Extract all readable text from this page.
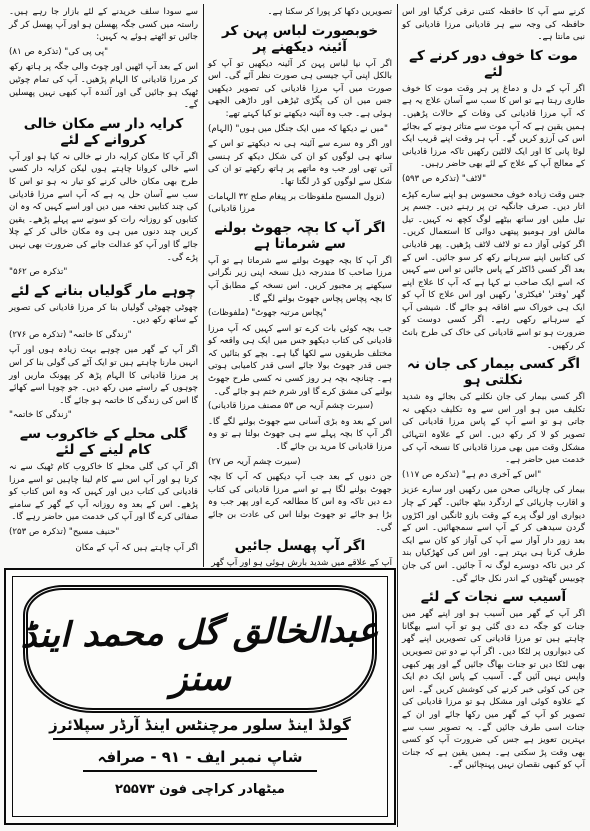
کرنے سے آپ کا حافظہ کتنی ترقی کرگیا اور اس حافظہ کی وجہ سے ہر قادیانی مرزا قادیانی کو نبی مانتا ہے۔

موت کا خوف دور کرنے کے لئے

اگر آپ کے دل و دماغ پر ہر وقت موت کا خوف طاری رہتا ہے تو اس کا سب سے آسان علاج یہ ہے کہ آپ مرزا قادیانی کی وفات کے حالات پڑھیں۔ ہمیں یقین ہے کہ آپ موت سے متاثر ہونے کے بجائے اس کی آرزو کریں گے۔ آپ ہر وقت اپنے قریب ایک لوٹا پانی کا اور ایک لالٹین رکھیں تاکہ مرزا قادیانی کے معالج آپ کے علاج کے لئے بھی حاضر رہیں۔

"لاٹف" (تذکرہ ص ۵۹۳)

جس وقت زیادہ خوف محسوس ہو اپنے سارے کپڑے اتار دیں۔ صرف جانگیہ تن پر رہنے دیں۔ جسم پر تیل ملیں اور ساتھ بیٹھے لوگ کچھ نہ کہیں۔ تیل مالش اور ہومیو پیتھی دوائی کا استعمال کریں۔ اگر کوئی آواز دے تو لاٹف لاٹف پڑھیں۔ پھر قادیانی کی کتابیں اپنے سرہانے رکھ کر سو جائیں۔ اس کے بعد اگر کسی ڈاکٹر کے پاس جائیں تو اس سے کہیں کہ اسے ایک صاحب نے کہا ہے کہ آپ کا علاج اپنے گھر 'وفتر' 'فیکٹری' رکھیں اور اس علاج کا آپ کو ایک ہی خوراک سے افاقہ ہو جائے گا۔ شیشی آپ کے سرہانے رکھی رہے۔ اگر کسی دوست کو ضرورت ہو تو اسے قادیانی کی خاک کی طرح بانٹ کر رکھیں۔

اگر کسی بیمار کی جان نہ نکلتی ہو

اگر کسی بیمار کی جان نکلنے کی بجائے وہ شدید تکلیف میں ہو اور اس سے وہ تکلیف دیکھی نہ جاتی ہو تو اسے آپ کے پاس مرزا قادیانی کی تصویر کو لا کر رکھ دیں۔ اس کے علاوہ انتہائی مشکل وقت میں بھی مرزا قادیانی کا نسخہ آپ کی خدمت میں حاضر ہے۔

"اس کے آخری دم ہے" (تذکرہ ص ۱۱۷)

بیمار کی چارپائی صحن میں رکھیں اور سارے عزیز و اقارب چارپائی کے اردگرد بیٹھ جائیں۔ گھر کے چار دیواری اور لوگ پرے کے وقت بازو ٹانگیں اور اکڑوں گردن سیدھی کر کے آپ اسے سمجھائیں۔ اس کے بعد زور دار آواز سے آپ کی آواز کو کان سے ایک طرف کرنا ہی بہتر ہے۔ اور اس کی کھڑکیاں بند کر دیں تاکہ دوسرے لوگ نہ آ جائیں۔ اس کی جان چوبیس گھنٹوں کے اندر نکل جائے گی۔

آسیب سے نجات کے لئے

اگر آپ کے گھر میں آسیب ہو اور اپنے گھر میں جنات کو جگہ دے دی گئی ہو تو آپ اسے بھگانا چاہتے ہیں تو مرزا قادیانی کی تصویریں اپنے گھر کی دیواروں پر لٹکا دیں۔ اگر آپ نے دو تین تصویریں بھی لٹکا دیں تو جنات بھاگ جائیں گے اور پھر کبھی واپس نہیں آئیں گے۔ آسیب کے پاس ایک دم ایک جن کی کوئی خبر کرنے کی کوشش کریں گے۔ اس کے علاوہ کوئی اور مشکل ہو تو مرزا قادیانی کی تصویر کو آپ کے گھر میں رکھا جائے اور ان کے جنات اسی طرف جائیں گے۔ یہ تصویر سب سے بہترین تعویز ہے جس کی ضرورت آپ کو کسی بھی وقت پڑ سکتی ہے۔ ہمیں یقین ہے کہ جنات آپ کو کبھی نقصان نہیں پہنچائیں گے۔

تصویریں دکھا کر پورا کر سکتا ہے۔

خوبصورت لباس پہن کر آئینہ دیکھنے پر

اگر آپ نیا لباس پہن کر آئینہ دیکھیں تو آپ کو بالکل اپنی آپ جیسی ہی صورت نظر آئے گی۔ اس صورت میں آپ مرزا قادیانی کی تصویر دیکھیں جس میں ان کی پگڑی ٹیڑھی اور داڑھی الجھی ہوئی ہے۔ جب وہ آئینہ دیکھتے تو کیا کہتے تھے:

"میں نے دیکھا کہ میں ایک جنگل میں ہوں" (الہام)

اور اگر وہ سرے سے آئینہ ہی نہ دیکھتے تو اس کے ساتھ ہی لوگوں کو ان کی شکل دیکھ کر ہنسی آتی تھی اور جب وہ ماتھے پر ہاتھ رکھتے تو ان کی شکل سے لوگوں کو ڈر لگتا تھا۔

(نزول المسیح ملفوظات بر پیغام صلح ۳۲ الہامات مرزا قادیانی)

اگر آپ کا بچہ جھوٹ بولنے سے شرماتا ہے

اگر آپ کا بچہ جھوٹ بولنے سے شرماتا ہے تو آپ مرزا صاحب کا مندرجہ ذیل نسخہ اپنی زیر نگرانی سیکھنے پر مجبور کریں۔ اس نسخہ کے مطابق آپ کا بچہ پچاس پچاس جھوٹ بولنے لگے گا۔

"پچاس مرتبہ جھوٹ" (ملفوظات)

جب بچہ کوئی بات کرے تو اسے کہیں کہ آپ مرزا قادیانی کی کتاب دیکھو جس میں ایک ہی واقعہ کو مختلف طریقوں سے لکھا گیا ہے۔ بچے کو بتائیں کہ جس قدر جھوٹ بولا جائے اسی قدر کامیابی ہوتی ہے۔ چنانچہ بچہ ہر روز کسی نہ کسی طرح جھوٹ بولنے کی مشق کرے گا اور شرم ختم ہو جائے گی۔

(سیرت چشم آریہ ص ۵۳ مصنف مرزا قادیانی)

اس کے بعد وہ بڑی آسانی سے جھوٹ بولنے لگے گا۔ اگر آپ کا بچہ پہلے سے ہی جھوٹ بولتا ہے تو وہ مرزا قادیانی کا مرید بن جائے گا۔

(سیرت چشم آریہ ص ۲۷)

جن دنوں کے بعد جب آپ دیکھیں کہ آپ کا بچہ جھوٹ بولنے لگا ہے تو اسے مرزا قادیانی کی کتاب دے دیں تاکہ وہ اس کا مطالعہ کرے اور پھر جب وہ بڑا ہو جائے تو جھوٹ بولنا اس کی عادت بن جائے گی۔

اگر آپ پھسل جائیں

آپ کے علاقے میں شدید بارش ہوئی ہو اور آپ گھر

سے سودا سلف خریدنے کے لئے بازار جا رہے ہیں۔ راستہ میں کسی جگہ پھسلن ہو اور آپ پھسل کر گر جائیں تو اٹھتے ہوئے یہ کہیں:

"پی پی کی" (تذکرہ ص ۸۱)

اس کے بعد آپ اٹھیں اور چوٹ والی جگہ پر ہاتھ رکھ کر مرزا قادیانی کا الہام پڑھیں۔ آپ کی تمام چوٹیں ٹھیک ہو جائیں گی اور آئندہ آپ کبھی نہیں پھسلیں گے۔

کرایہ دار سے مکان خالی کروانے کے لئے

اگر آپ کا مکان کرایہ دار نے خالی نہ کیا ہو اور آپ اسے خالی کروانا چاہتے ہوں لیکن کرایہ دار کسی طرح بھی مکان خالی کرنے کو تیار نہ ہو تو اس کا سب سے آسان حل یہ ہے کہ آپ اسے مرزا قادیانی کی چند کتابیں تحفہ میں دیں اور اسے کہیں کہ وہ ان کتابوں کو روزانہ رات کو سونے سے پہلے پڑھے۔ یقین کریں چند دنوں میں ہی وہ مکان خالی کر کے چلا جائے گا اور آپ کو عدالت جانے کی ضرورت بھی نہیں پڑے گی۔

"تذکرہ ص ۵۶۲"

چوہے مار گولیاں بنانے کے لئے

چھوٹی چھوٹی گولیاں بنا کر مرزا قادیانی کی تصویر کے ساتھ رکھ دیں۔

"زندگی کا خاتمہ" (تذکرہ ص ۲۷۶)

اگر آپ کے گھر میں چوہے بہت زیادہ ہوں اور آپ انہیں مارنا چاہتے ہیں تو ایک آٹے کی گولی بنا کر اس پر مرزا قادیانی کا الہام پڑھ کر پھونک ماریں اور چوہوں کے راستے میں رکھ دیں۔ جو چوہا اسے کھائے گا اس کی زندگی کا خاتمہ ہو جائے گا۔

"زندگی کا خاتمہ"

گلی محلے کے خاکروب سے کام لینے کے لئے

اگر آپ کی گلی محلے کا خاکروب کام ٹھیک سے نہ کرتا ہو اور آپ اس سے کام لینا چاہیں تو اسے مرزا قادیانی کی کتاب دیں اور کہیں کہ وہ اس کتاب کو پڑھے۔ اس کے بعد وہ روزانہ آپ کے گھر کے سامنے صفائی کرے گا اور آپ کی خدمت میں حاضر رہے گا۔

"حنیف مسیح" (تذکرہ ص ۲۵۳)

اگر آپ چاہتے ہیں کہ آپ کے مکان

عبدالخالق گل محمد اینڈ سنز
گولڈ اینڈ سلور مرچنٹس اینڈ آرڈر سپلائرز
شاپ نمبر ایف - ۹۱ - صرافہ
میٹھادر کراچی فون ۲۵۵۷۳
